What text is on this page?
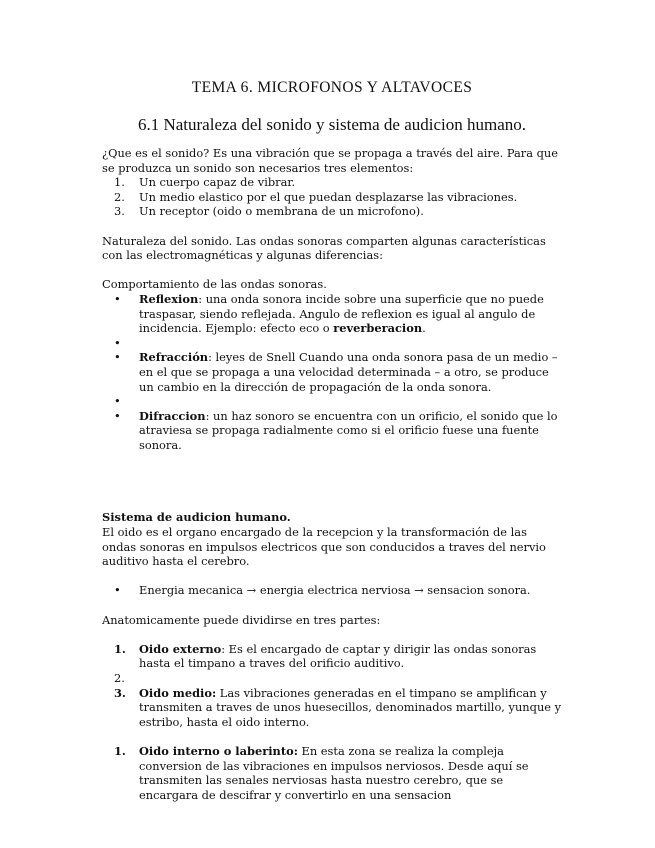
TEMA 6. MICROFONOS Y ALTAVOCES
6.1 Naturaleza del sonido y sistema de audicion humano.

¿Que es el sonido? Es una vibración que se propaga a través del aire. Para que se produzca un sonido son necesarios tres elementos:

1.	Un cuerpo capaz de vibrar.
2.	Un medio elastico por el que puedan desplazarse las vibraciones.
3.	Un receptor (oido o membrana de un microfono).

Naturaleza del sonido. Las ondas sonoras comparten algunas características con las electromagnéticas y algunas diferencias:

Comportamiento de las ondas sonoras.

•	Reflexion: una onda sonora incide sobre una superficie que no puede traspasar, siendo reflejada. Angulo de reflexion es igual al angulo de incidencia. Ejemplo: efecto eco o reverberacion.
•
•	Refracción: leyes de Snell Cuando una onda sonora pasa de un medio – en el que se propaga a una velocidad determinada – a otro, se produce un cambio en la dirección de propagación de la onda sonora.
•
•	Difraccion: un haz sonoro se encuentra con un orificio, el sonido que lo atraviesa se propaga radialmente como si el orificio fuese una fuente sonora.

Sistema de audicion humano.

El oido es el organo encargado de la recepcion y la transformación de las ondas sonoras en impulsos electricos que son conducidos a traves del nervio auditivo hasta el cerebro.

•	Energia mecanica → energia electrica nerviosa → sensacion sonora.

Anatomicamente puede dividirse en tres partes:

1.	Oido externo: Es el encargado de captar y dirigir las ondas sonoras hasta el timpano a traves del orificio auditivo.
2.
3.	Oido medio: Las vibraciones generadas en el timpano se amplifican y transmiten a traves de unos huesecillos, denominados martillo, yunque y estribo, hasta el oido interno.
1.	Oido interno o laberinto: En esta zona se realiza la compleja conversion de las vibraciones en impulsos nerviosos. Desde aquí se transmiten las senales nerviosas hasta nuestro cerebro, que se encargara de descifrar y convertirlo en una sensacion
